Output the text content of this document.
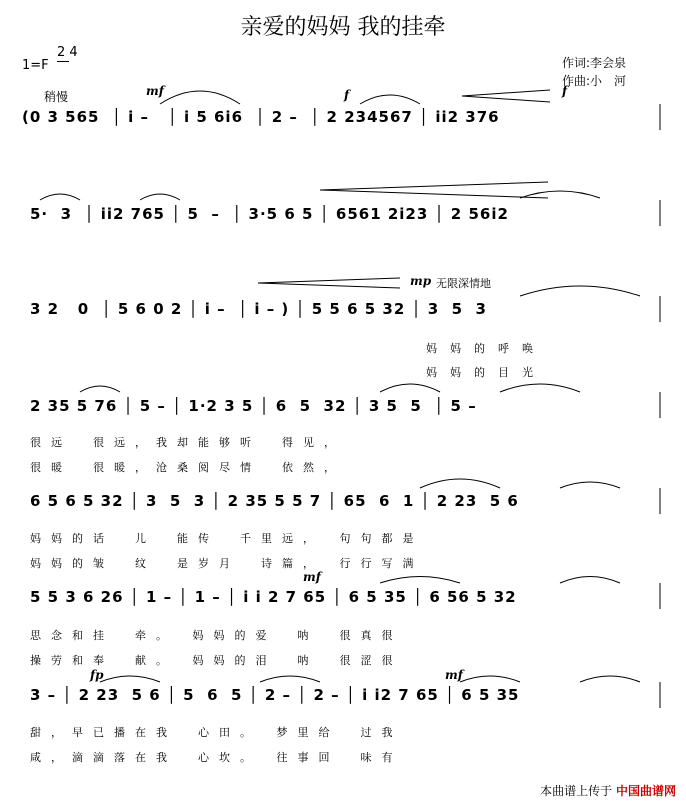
亲爱的妈妈 我的挂牵
1=F
2 4
稍慢
作词:李会泉
作曲:小　河
mf	f	f
mp 无限深情地
mf
fp	mf
(0 3 565  │ i –   │ i 5 6i6  │ 2 –  │ 2 234567 │ ii2 376
5·  3  │ ii2 765 │ 5  –  │ 3·5 6 5 │ 6561 2i23 │ 2 56i2
3 2   0  │ 5 6 0 2 │ i –  │ i – ) │ 5 5 6 5 32 │ 3  5  3
2 35 5 76 │ 5 – │ 1·2 3 5 │ 6  5  32 │ 3 5  5  │ 5 –
6 5 6 5 32 │ 3  5  3 │ 2 35 5 5 7 │ 65  6  1 │ 2 23  5 6
5 5 3 6 26 │ 1 – │ 1 – │ i i 2 7 65 │ 6 5 35 │ 6 56 5 32
3 – │ 2 23  5 6 │ 5  6  5 │ 2 – │ 2 – │ i i2 7 65 │ 6 5 35
妈妈的呼唤
妈妈的目光
很远　很远，我却能够听　得见，
很暖　很暖，沧桑阅尽情　依然，
妈妈的话　儿　能传　千里远，　句句都是
妈妈的皱　纹　是岁月　诗篇，　行行写满
思念和挂　牵。　妈妈的爱　呐　很真很
操劳和奉　献。　妈妈的泪　呐　很涩很
甜，早已播在我　心田。　梦里给　过我
咸，滴滴落在我　心坎。　往事回　味有
本曲谱上传于 中国曲谱网
